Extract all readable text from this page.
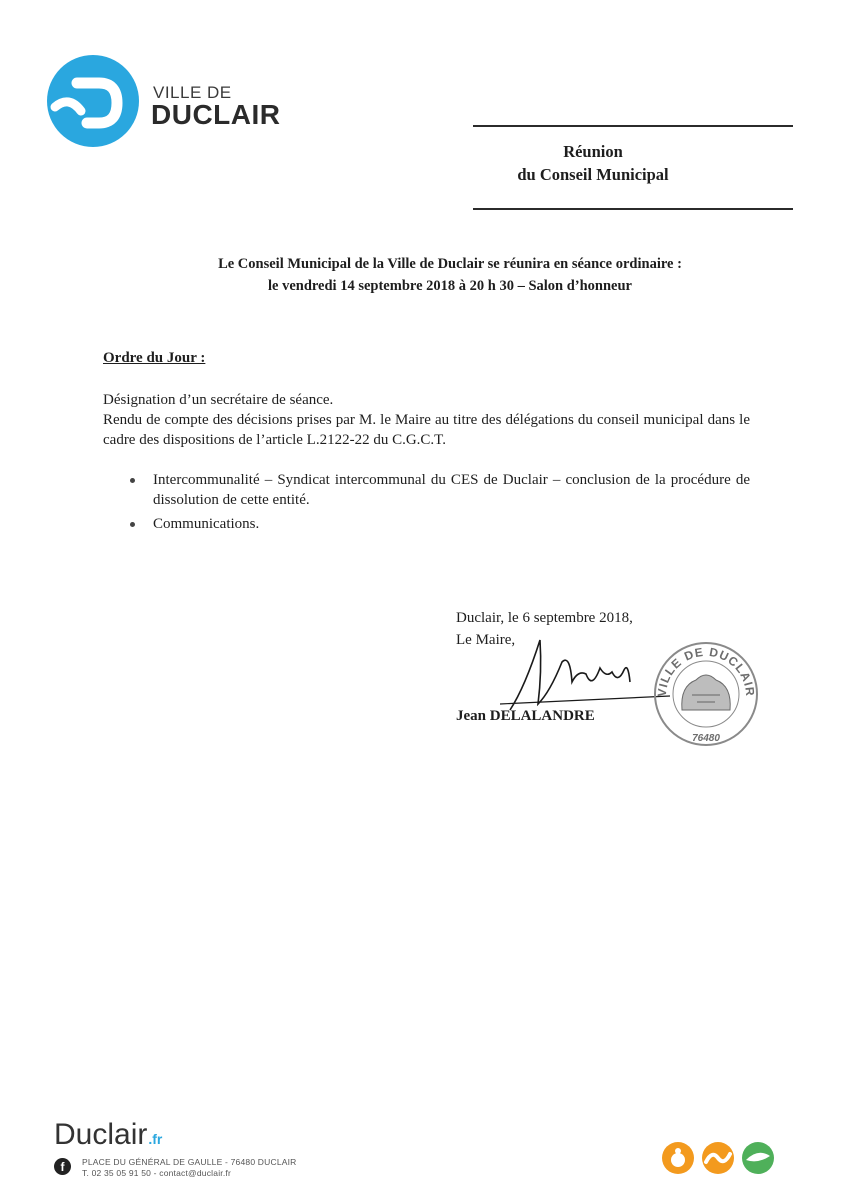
VILLE DE
DUCLAIR
Réunion
du Conseil Municipal
Le Conseil Municipal de la Ville de Duclair se réunira en séance ordinaire :
le vendredi 14 septembre 2018 à 20 h 30 – Salon d’honneur
Ordre du Jour :
Désignation d’un secrétaire de séance.
Rendu de compte des décisions prises par M. le Maire au titre des délégations du conseil municipal dans le cadre des dispositions de l’article L.2122-22 du C.G.C.T.
Intercommunalité – Syndicat intercommunal du CES de Duclair – conclusion de la procédure de dissolution de cette entité.
Communications.
Duclair, le 6 septembre 2018,
Le Maire,
Jean DELALANDRE
VILLE DE DUCLAIR
76480
Duclair.fr
f	PLACE DU GÉNÉRAL DE GAULLE - 76480 DUCLAIR
T. 02 35 05 91 50 - contact@duclair.fr
